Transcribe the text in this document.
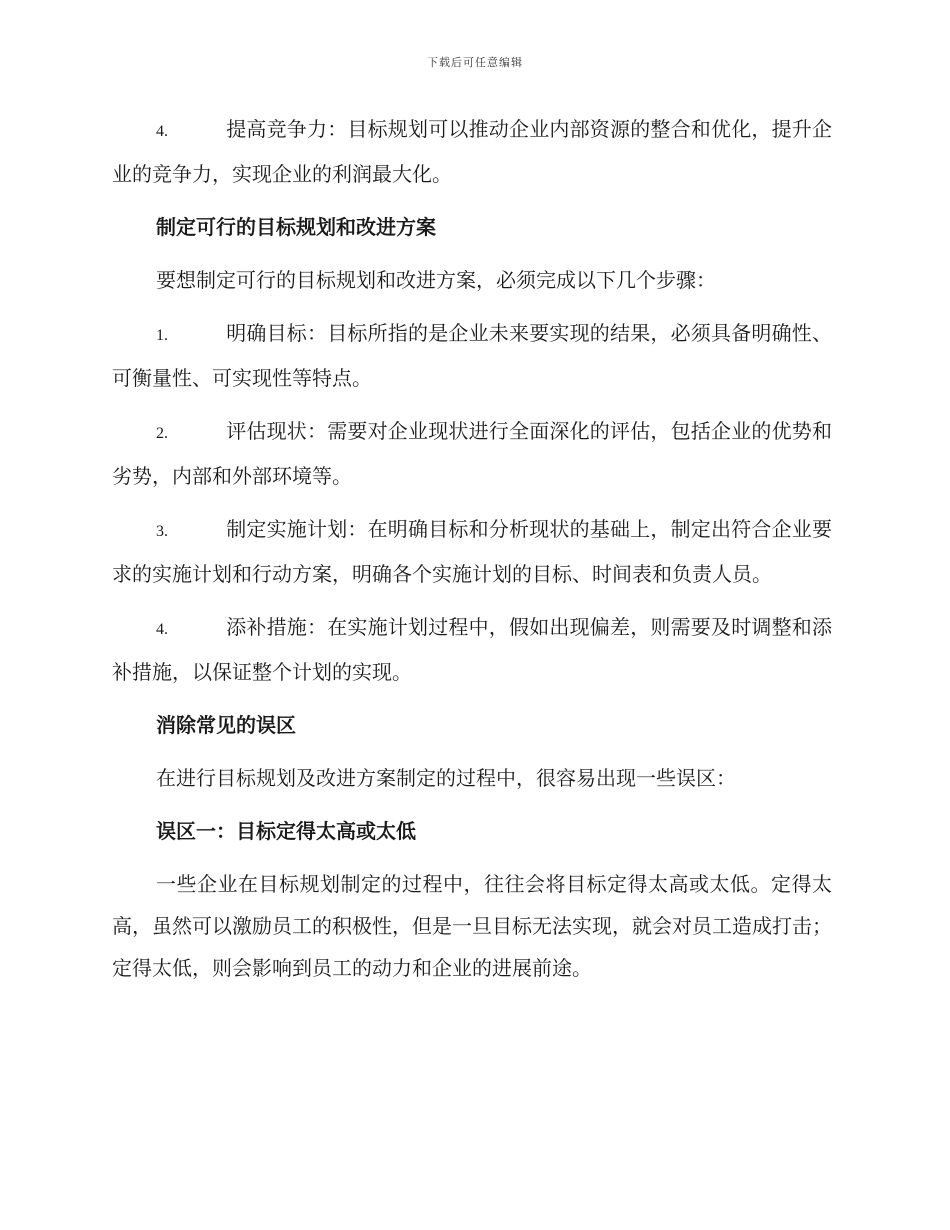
下载后可任意编辑

4.	提高竞争力：目标规划可以推动企业内部资源的整合和优化，提升企业的竞争力，实现企业的利润最大化。

制定可行的目标规划和改进方案

要想制定可行的目标规划和改进方案，必须完成以下几个步骤：

1.	明确目标：目标所指的是企业未来要实现的结果，必须具备明确性、可衡量性、可实现性等特点。

2.	评估现状：需要对企业现状进行全面深化的评估，包括企业的优势和劣势，内部和外部环境等。

3.	制定实施计划：在明确目标和分析现状的基础上，制定出符合企业要求的实施计划和行动方案，明确各个实施计划的目标、时间表和负责人员。

4.	添补措施：在实施计划过程中，假如出现偏差，则需要及时调整和添补措施，以保证整个计划的实现。

消除常见的误区

在进行目标规划及改进方案制定的过程中，很容易出现一些误区：

误区一：目标定得太高或太低

一些企业在目标规划制定的过程中，往往会将目标定得太高或太低。定得太高，虽然可以激励员工的积极性，但是一旦目标无法实现，就会对员工造成打击；定得太低，则会影响到员工的动力和企业的进展前途。
